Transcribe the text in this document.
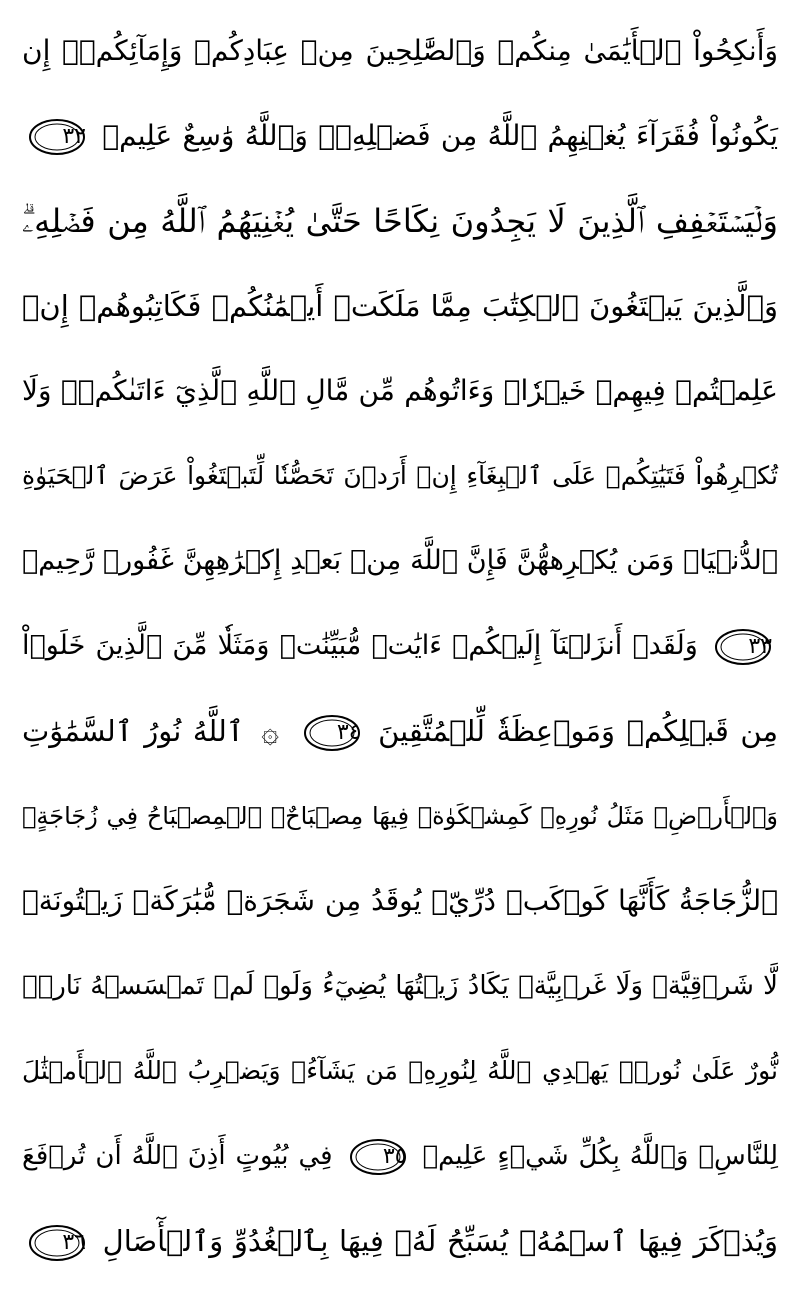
وَأَنكِحُواْ ٱلۡأَيَٰمَىٰ مِنكُمۡ وَٱلصَّٰلِحِينَ مِنۡ عِبَادِكُمۡ وَإِمَآئِكُمۡۚ إِن
يَكُونُواْ فُقَرَآءَ يُغۡنِهِمُ ٱللَّهُ مِن فَضۡلِهِۦۗ وَٱللَّهُ وَٰسِعٌ عَلِيمٞ
٣٢
وَلۡيَسۡتَعۡفِفِ ٱلَّذِينَ لَا يَجِدُونَ نِكَاحًا حَتَّىٰ يُغۡنِيَهُمُ ٱللَّهُ مِن فَضۡلِهِۦۗ
وَٱلَّذِينَ يَبۡتَغُونَ ٱلۡكِتَٰبَ مِمَّا مَلَكَتۡ أَيۡمَٰنُكُمۡ فَكَاتِبُوهُمۡ إِنۡ
عَلِمۡتُمۡ فِيهِمۡ خَيۡرٗاۖ وَءَاتُوهُم مِّن مَّالِ ٱللَّهِ ٱلَّذِيٓ ءَاتَىٰكُمۡۚ وَلَا
تُكۡرِهُواْ فَتَيَٰتِكُمۡ عَلَى ٱلۡبِغَآءِ إِنۡ أَرَدۡنَ تَحَصُّنٗا لِّتَبۡتَغُواْ عَرَضَ ٱلۡحَيَوٰةِ
ٱلدُّنۡيَاۚ وَمَن يُكۡرِههُّنَّ فَإِنَّ ٱللَّهَ مِنۢ بَعۡدِ إِكۡرَٰهِهِنَّ غَفُورٞ رَّحِيمٞ
٣٣
وَلَقَدۡ أَنزَلۡنَآ إِلَيۡكُمۡ ءَايَٰتٖ مُّبَيِّنَٰتٖ وَمَثَلٗا مِّنَ ٱلَّذِينَ خَلَوۡاْ
مِن قَبۡلِكُمۡ وَمَوۡعِظَةٗ لِّلۡمُتَّقِينَ
٣٤
۞ ٱللَّهُ نُورُ ٱلسَّمَٰوَٰتِ
وَٱلۡأَرۡضِۚ مَثَلُ نُورِهِۦ كَمِشۡكَوٰةٖ فِيهَا مِصۡبَاحٌۖ ٱلۡمِصۡبَاحُ فِي زُجَاجَةٍۖ
ٱلزُّجَاجَةُ كَأَنَّهَا كَوۡكَبٞ دُرِّيّٞ يُوقَدُ مِن شَجَرَةٖ مُّبَٰرَكَةٖ زَيۡتُونَةٖ
لَّا شَرۡقِيَّةٖ وَلَا غَرۡبِيَّةٖ يَكَادُ زَيۡتُهَا يُضِيٓءُ وَلَوۡ لَمۡ تَمۡسَسۡهُ نَارٞۚ
نُّورٌ عَلَىٰ نُورٖۚ يَهۡدِي ٱللَّهُ لِنُورِهِۦ مَن يَشَآءُۚ وَيَضۡرِبُ ٱللَّهُ ٱلۡأَمۡثَٰلَ
لِلنَّاسِۗ وَٱللَّهُ بِكُلِّ شَيۡءٍ عَلِيمٞ
٣٥
فِي بُيُوتٍ أَذِنَ ٱللَّهُ أَن تُرۡفَعَ
وَيُذۡكَرَ فِيهَا ٱسۡمُهُۥ يُسَبِّحُ لَهُۥ فِيهَا بِٱلۡغُدُوِّ وَٱلۡأٓصَالِ
٣٦
